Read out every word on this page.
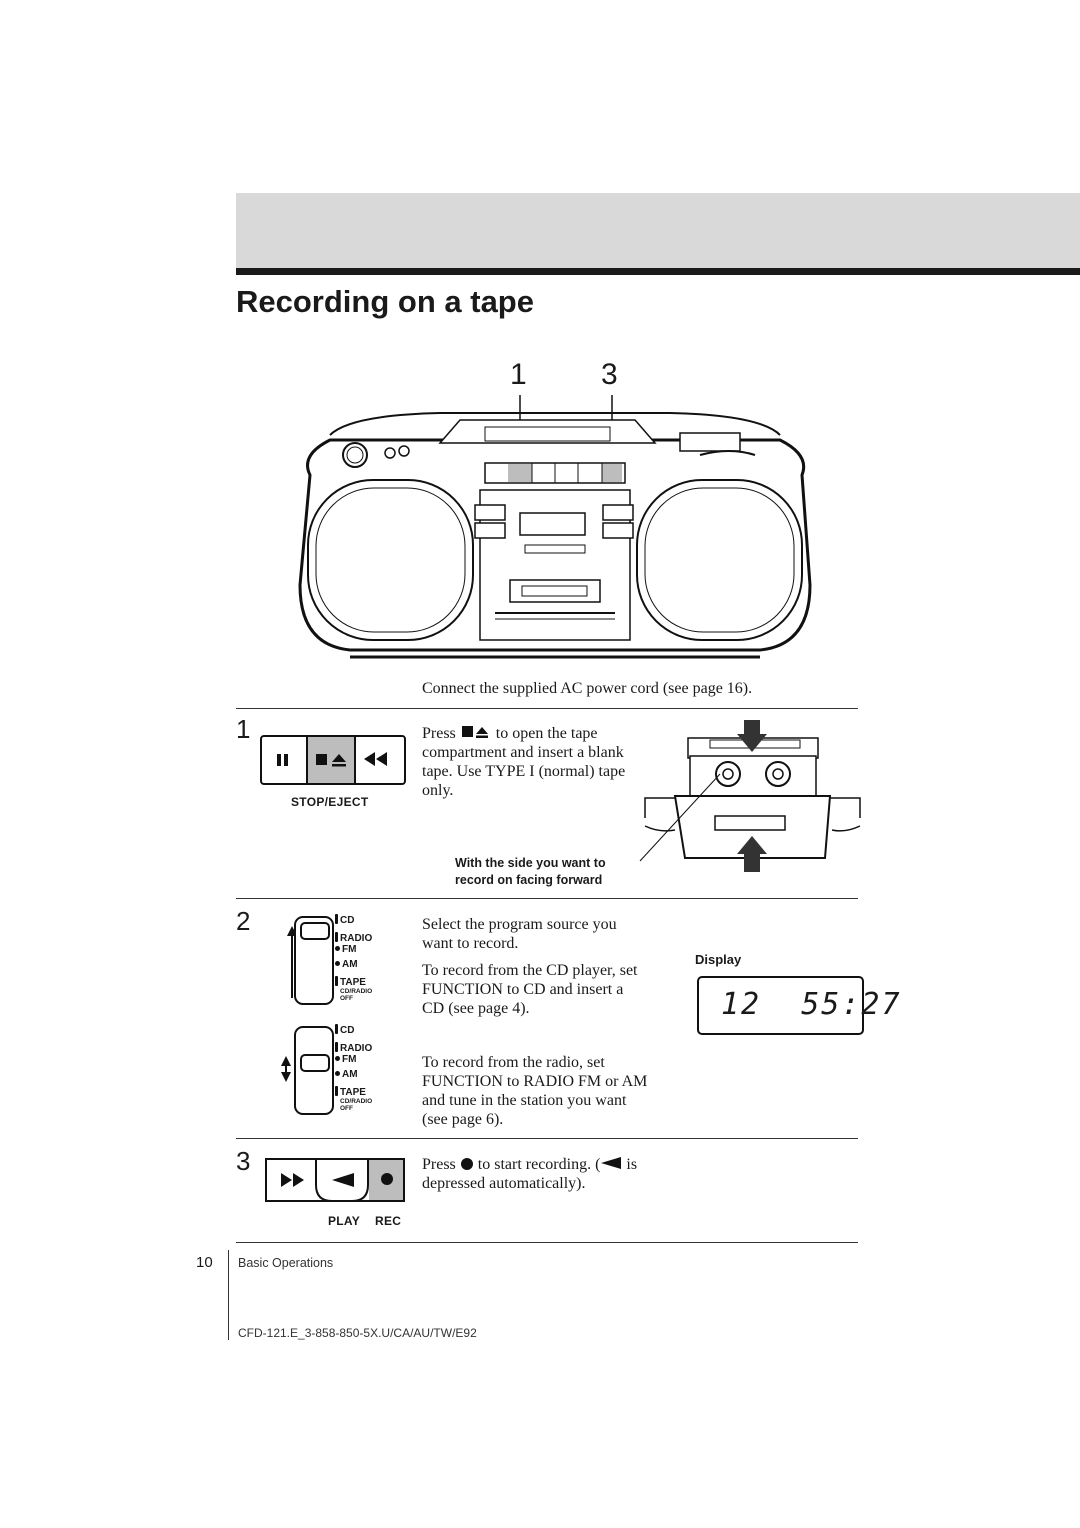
Recording on a tape
1 3
Connect the supplied AC power cord (see page 16).
1
STOP/EJECT
Press	to open the tape
compartment and insert a blank
tape. Use TYPE I (normal) tape
only.
With the side you want to
record on facing forward
2	CD
RADIO
FM
AM
TAPE
CD/RADIO
OFF
CD
RADIO
FM
AM
TAPE
CD/RADIO
OFF
Select the program source you
want to record.
To record from the CD player, set
FUNCTION to CD and insert a
CD (see page 4).
To record from the radio, set
FUNCTION to RADIO FM or AM
and tune in the station you want
(see page 6).
Display
12  55:27
3
PLAY REC
Press to start recording. ( is
depressed automatically).
10 Basic Operations
CFD-121.E_3-858-850-5X.U/CA/AU/TW/E92
